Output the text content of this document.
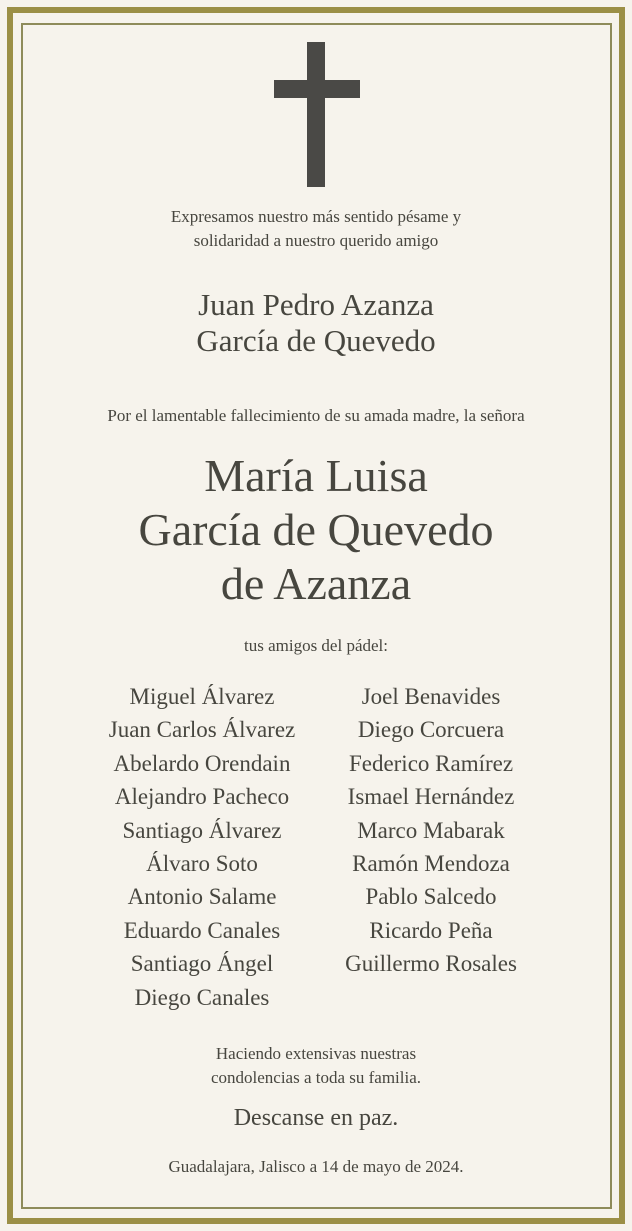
Expresamos nuestro más sentido pésame y
solidaridad a nuestro querido amigo
Juan Pedro Azanza
García de Quevedo
Por el lamentable fallecimiento de su amada madre, la señora
María Luisa
García de Quevedo
de Azanza
tus amigos del pádel:
Miguel Álvarez
Juan Carlos Álvarez
Abelardo Orendain
Alejandro Pacheco
Santiago Álvarez
Álvaro Soto
Antonio Salame
Eduardo Canales
Santiago Ángel
Diego Canales
Joel Benavides
Diego Corcuera
Federico Ramírez
Ismael Hernández
Marco Mabarak
Ramón Mendoza
Pablo Salcedo
Ricardo Peña
Guillermo Rosales
Haciendo extensivas nuestras
condolencias a toda su familia.
Descanse en paz.
Guadalajara, Jalisco a 14 de mayo de 2024.
